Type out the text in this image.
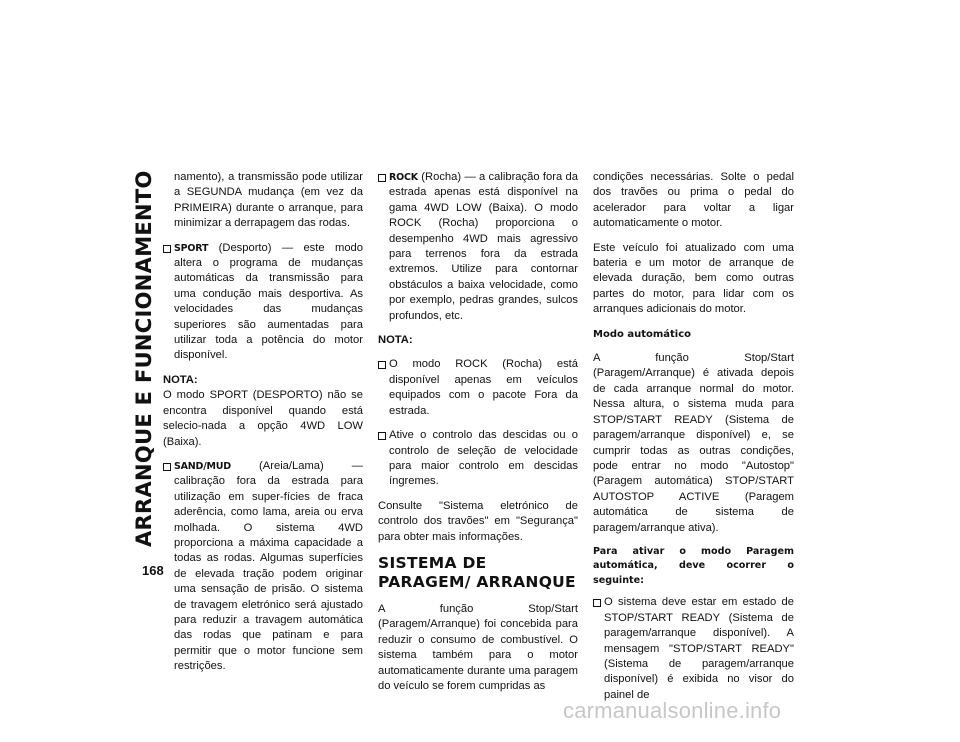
ARRANQUE E FUNCIONAMENTO
168

namento), a transmissão pode utilizar a SEGUNDA mudança (em vez da PRIMEIRA) durante o arranque, para minimizar a derrapagem das rodas.

SPORT (Desporto) — este modo altera o programa de mudanças automáticas da transmissão para uma condução mais desportiva. As velocidades das mudanças superiores são aumentadas para utilizar toda a potência do motor disponível.

NOTA:

O modo SPORT (DESPORTO) não se encontra disponível quando está selecio-nada a opção 4WD LOW (Baixa).

SAND/MUD (Areia/Lama) — calibração fora da estrada para utilização em super-fícies de fraca aderência, como lama, areia ou erva molhada. O sistema 4WD proporciona a máxima capacidade a todas as rodas. Algumas superfícies de elevada tração podem originar uma sensação de prisão. O sistema de travagem eletrónico será ajustado para reduzir a travagem automática das rodas que patinam e para permitir que o motor funcione sem restrições.
ROCK (Rocha) — a calibração fora da estrada apenas está disponível na gama 4WD LOW (Baixa). O modo ROCK (Rocha) proporciona o desempenho 4WD mais agressivo para terrenos fora da estrada extremos. Utilize para contornar obstáculos a baixa velocidade, como por exemplo, pedras grandes, sulcos profundos, etc.

NOTA:

O modo ROCK (Rocha) está disponível apenas em veículos equipados com o pacote Fora da estrada.
Ative o controlo das descidas ou o controlo de seleção de velocidade para maior controlo em descidas íngremes.

Consulte "Sistema eletrónico de controlo dos travões" em "Segurança" para obter mais informações.

SISTEMA DE PARAGEM/ ARRANQUE

A função Stop/Start (Paragem/Arranque) foi concebida para reduzir o consumo de combustível. O sistema também para o motor automaticamente durante uma paragem do veículo se forem cumpridas as

condições necessárias. Solte o pedal dos travões ou prima o pedal do acelerador para voltar a ligar automaticamente o motor.

Este veículo foi atualizado com uma bateria e um motor de arranque de elevada duração, bem como outras partes do motor, para lidar com os arranques adicionais do motor.

Modo automático

A função Stop/Start (Paragem/Arranque) é ativada depois de cada arranque normal do motor. Nessa altura, o sistema muda para STOP/START READY (Sistema de paragem/arranque disponível) e, se cumprir todas as outras condições, pode entrar no modo "Autostop" (Paragem automática) STOP/START AUTOSTOP ACTIVE (Paragem automática de sistema de paragem/arranque ativa).

Para ativar o modo Paragem automática, deve ocorrer o seguinte:

O sistema deve estar em estado de STOP/START READY (Sistema de paragem/arranque disponível). A mensagem "STOP/START READY" (Sistema de paragem/arranque disponível) é exibida no visor do painel de
carmanualsonline.info
